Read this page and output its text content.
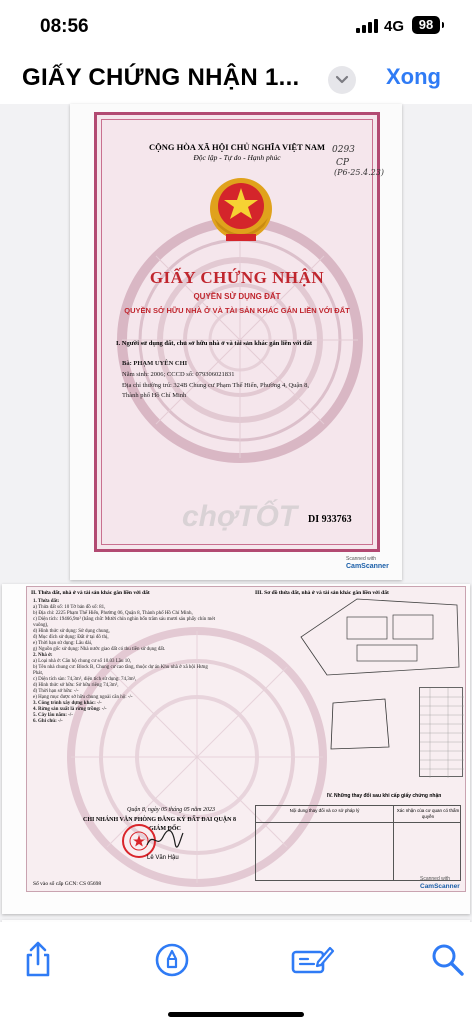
08:56	4G	98
GIẤY CHỨNG NHẬN 1...	Xong
CỘNG HÒA XÃ HỘI CHỦ NGHĨA VIỆT NAM
Độc lập - Tự do - Hạnh phúc
0293
CP
(P6-25.4.23)
GIẤY CHỨNG NHẬN
QUYỀN SỬ DỤNG ĐẤT
QUYỀN SỞ HỮU NHÀ Ở VÀ TÀI SẢN KHÁC GẮN LIỀN VỚI ĐẤT
I. Người sử dụng đất, chủ sở hữu nhà ở và tài sản khác gắn liền với đất
Bà: PHẠM UYÊN CHI
Năm sinh: 2006; CCCD số: 079306021831
Địa chỉ thường trú: 324B Chung cư Phạm Thế Hiển, Phường 4, Quận 8,
Thành phố Hồ Chí Minh
chợTỐT DI 933763
Scanned with
CamScanner
II. Thửa đất, nhà ở và tài sản khác gắn liền với đất
1. Thửa đất:
a) Thửa đất số: 10 Tờ bản đồ số: 81,
b) Địa chỉ: 2225 Phạm Thế Hiển, Phường 06, Quận 8, Thành phố Hồ Chí Minh,
c) Diện tích: 19466,9m² (bằng chữ: Mười chín nghìn bốn trăm sáu mươi sáu phẩy chín mét
vuông),
d) Hình thức sử dụng: Sử dụng chung,
đ) Mục đích sử dụng: Đất ở tại đô thị,
e) Thời hạn sử dụng: Lâu dài,
g) Nguồn gốc sử dụng: Nhà nước giao đất có thu tiền sử dụng đất.
2. Nhà ở:
a) Loại nhà ở: Căn hộ chung cư số 10.03 Lầu 10,
b) Tên nhà chung cư: Block B, Chung cư cao tầng, thuộc dự án Khu nhà ở xã hội Hưng
Phát,
c) Diện tích sàn: 74,3m², diện tích sử dụng: 74,3m²,
d) Hình thức sở hữu: Sở hữu riêng 74,3m²,
đ) Thời hạn sở hữu: -/-
e) Hạng mục được sở hữu chung ngoài căn hộ: -/-
3. Công trình xây dựng khác: -/-
4. Rừng sản xuất là rừng trồng: -/-
5. Cây lâu năm: -/-
6. Ghi chú: -/-
III. Sơ đồ thửa đất, nhà ở và tài sản khác gắn liền với đất
Quận 8, ngày 05 tháng 05 năm 2023
CHI NHÁNH VĂN PHÒNG ĐĂNG KÝ ĐẤT ĐAI QUẬN 8
GIÁM ĐỐC
Lê Văn Hậu
Số vào sổ cấp GCN: CS 05698
IV. Những thay đổi sau khi cấp giấy chứng nhận
Nội dung thay đổi và cơ sở pháp lý	Xác nhận của cơ quan có thẩm quyền
Scanned with
CamScanner
